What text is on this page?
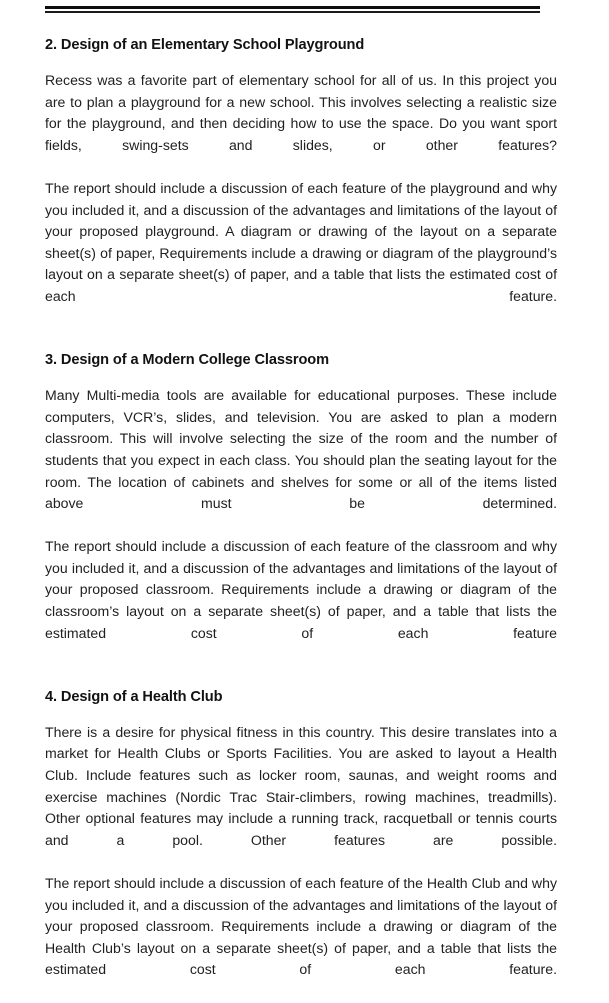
2. Design of an Elementary School Playground

Recess was a favorite part of elementary school for all of us. In this project you are to plan a playground for a new school. This involves selecting a realistic size for the playground, and then deciding how to use the space. Do you want sport fields, swing-sets and slides, or other features?

The report should include a discussion of each feature of the playground and why you included it, and a discussion of the advantages and limitations of the layout of your proposed playground. A diagram or drawing of the layout on a separate sheet(s) of paper, Requirements include a drawing or diagram of the playground’s layout on a separate sheet(s) of paper, and a table that lists the estimated cost of each feature.

3. Design of a Modern College Classroom

Many Multi-media tools are available for educational purposes. These include computers, VCR’s, slides, and television. You are asked to plan a modern classroom. This will involve selecting the size of the room and the number of students that you expect in each class. You should plan the seating layout for the room. The location of cabinets and shelves for some or all of the items listed above must be determined.

The report should include a discussion of each feature of the classroom and why you included it, and a discussion of the advantages and limitations of the layout of your proposed classroom. Requirements include a drawing or diagram of the classroom’s layout on a separate sheet(s) of paper, and a table that lists the estimated cost of each feature

4. Design of a Health Club

There is a desire for physical fitness in this country. This desire translates into a market for Health Clubs or Sports Facilities. You are asked to layout a Health Club. Include features such as locker room, saunas, and weight rooms and exercise machines (Nordic Trac Stair-climbers, rowing machines, treadmills). Other optional features may include a running track, racquetball or tennis courts and a pool. Other features are possible.

The report should include a discussion of each feature of the Health Club and why you included it, and a discussion of the advantages and limitations of the layout of your proposed classroom. Requirements include a drawing or diagram of the Health Club’s layout on a separate sheet(s) of paper, and a table that lists the estimated cost of each feature.
